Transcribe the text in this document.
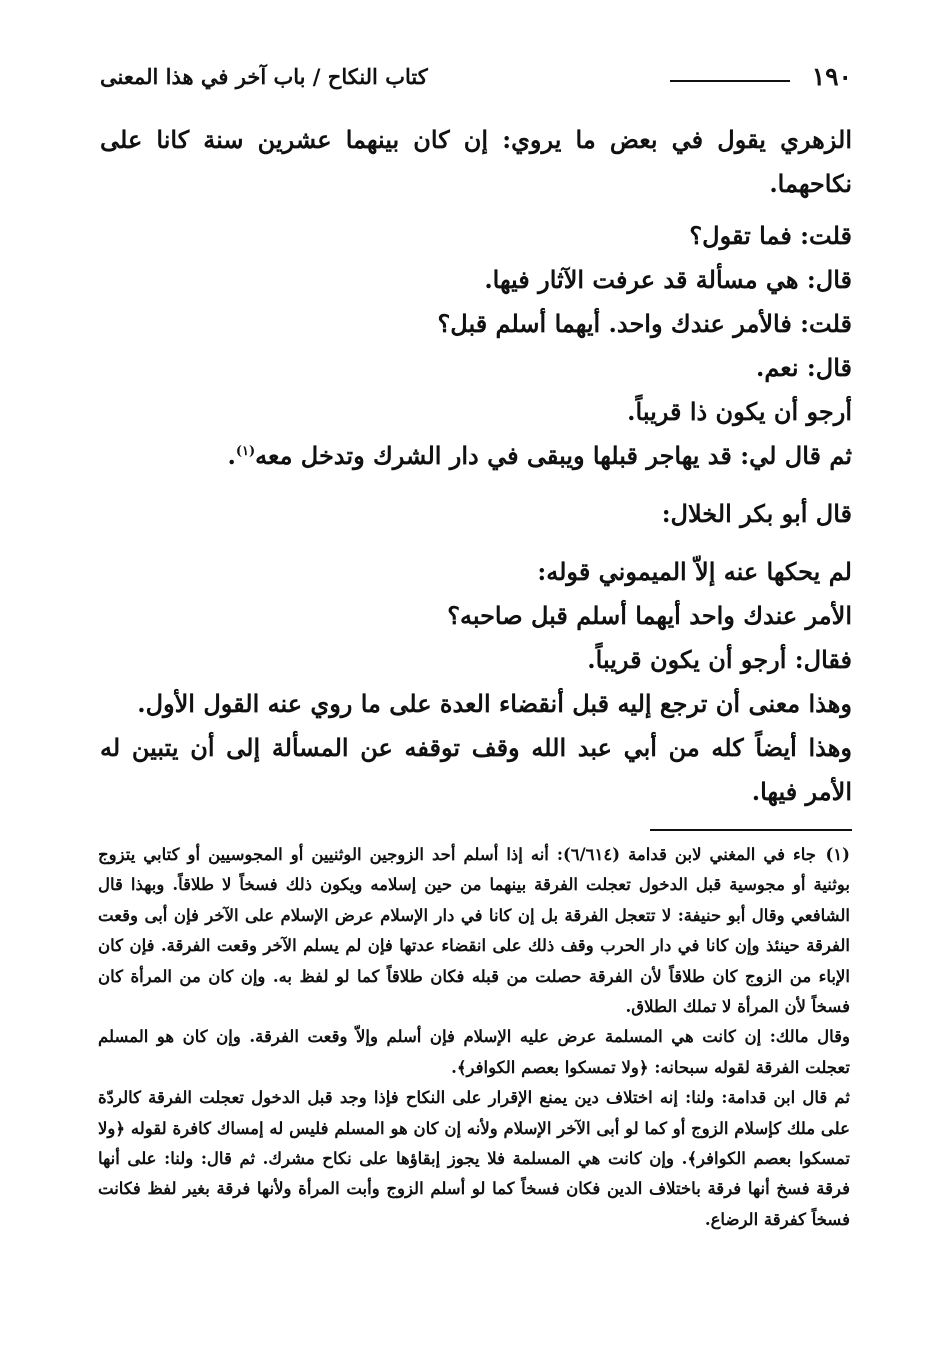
١٩٠
كتاب النكاح / باب آخر في هذا المعنى

الزهري يقول في بعض ما يروي: إن كان بينهما عشرين سنة كانا على نكاحهما.

قلت: فما تقول؟
قال: هي مسألة قد عرفت الآثار فيها.
قلت: فالأمر عندك واحد. أيهما أسلم قبل؟
قال: نعم.
أرجو أن يكون ذا قريباً.
ثم قال لي: قد يهاجر قبلها ويبقى في دار الشرك وتدخل معه$^{(١)}$.
قال أبو بكر الخلال:
لم يحكها عنه إلاّ الميموني قوله:
الأمر عندك واحد أيهما أسلم قبل صاحبه؟
فقال: أرجو أن يكون قريباً.

وهذا معنى أن ترجع إليه قبل أنقضاء العدة على ما روي عنه القول الأول.

وهذا أيضاً كله من أبي عبد الله وقف توقفه عن المسألة إلى أن يتبين له الأمر فيها.

(١)جاء في المغني لابن قدامة (٦/٦١٤): أنه إذا أسلم أحد الزوجين الوثنيين أو المجوسيين أو كتابي يتزوج بوثنية أو مجوسية قبل الدخول تعجلت الفرقة بينهما من حين إسلامه ويكون ذلك فسخاً لا طلاقاً. وبهذا قال الشافعي وقال أبو حنيفة: لا تتعجل الفرقة بل إن كانا في دار الإسلام عرض الإسلام على الآخر فإن أبى وقعت الفرقة حينئذ وإن كانا في دار الحرب وقف ذلك على انقضاء عدتها فإن لم يسلم الآخر وقعت الفرقة. فإن كان الإباء من الزوج كان طلاقاً لأن الفرقة حصلت من قبله فكان طلاقاً كما لو لفظ به. وإن كان من المرأة كان فسخاً لأن المرأة لا تملك الطلاق.

وقال مالك: إن كانت هي المسلمة عرض عليه الإسلام فإن أسلم وإلاّ وقعت الفرقة. وإن كان هو المسلم تعجلت الفرقة لقوله سبحانه: ﴿ولا تمسكوا بعصم الكوافر﴾.

ثم قال ابن قدامة: ولنا: إنه اختلاف دين يمنع الإقرار على النكاح فإذا وجد قبل الدخول تعجلت الفرقة كالردّة على ملك كإسلام الزوج أو كما لو أبى الآخر الإسلام ولأنه إن كان هو المسلم فليس له إمساك كافرة لقوله ﴿ولا تمسكوا بعصم الكوافر﴾. وإن كانت هي المسلمة فلا يجوز إبقاؤها على نكاح مشرك. ثم قال: ولنا: على أنها فرقة فسخ أنها فرقة باختلاف الدين فكان فسخاً كما لو أسلم الزوج وأبت المرأة ولأنها فرقة بغير لفظ فكانت فسخاً كفرقة الرضاع.
